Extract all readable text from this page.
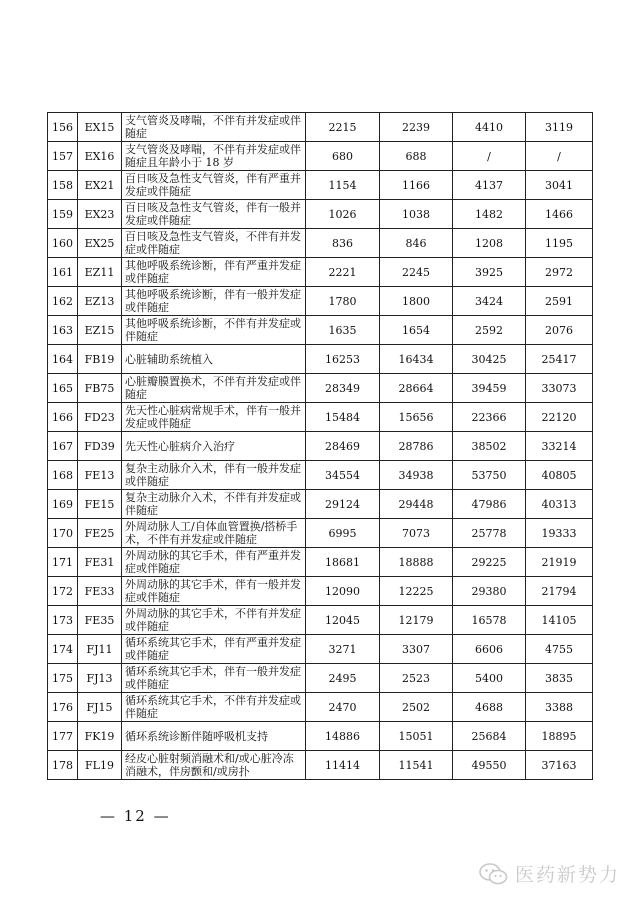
156	EX15	支气管炎及哮喘，不伴有并发症或伴随症	2215	2239	4410	3119
157	EX16	支气管炎及哮喘，不伴有并发症或伴随症且年龄小于 18 岁	680	688	/	/
158	EX21	百日咳及急性支气管炎，伴有严重并发症或伴随症	1154	1166	4137	3041
159	EX23	百日咳及急性支气管炎，伴有一般并发症或伴随症	1026	1038	1482	1466
160	EX25	百日咳及急性支气管炎，不伴有并发症或伴随症	836	846	1208	1195
161	EZ11	其他呼吸系统诊断，伴有严重并发症或伴随症	2221	2245	3925	2972
162	EZ13	其他呼吸系统诊断，伴有一般并发症或伴随症	1780	1800	3424	2591
163	EZ15	其他呼吸系统诊断，不伴有并发症或伴随症	1635	1654	2592	2076
164	FB19	心脏辅助系统植入	16253	16434	30425	25417
165	FB75	心脏瓣膜置换术，不伴有并发症或伴随症	28349	28664	39459	33073
166	FD23	先天性心脏病常规手术，伴有一般并发症或伴随症	15484	15656	22366	22120
167	FD39	先天性心脏病介入治疗	28469	28786	38502	33214
168	FE13	复杂主动脉介入术，伴有一般并发症或伴随症	34554	34938	53750	40805
169	FE15	复杂主动脉介入术，不伴有并发症或伴随症	29124	29448	47986	40313
170	FE25	外周动脉人工/自体血管置换/搭桥手术，不伴有并发症或伴随症	6995	7073	25778	19333
171	FE31	外周动脉的其它手术，伴有严重并发症或伴随症	18681	18888	29225	21919
172	FE33	外周动脉的其它手术，伴有一般并发症或伴随症	12090	12225	29380	21794
173	FE35	外周动脉的其它手术，不伴有并发症或伴随症	12045	12179	16578	14105
174	FJ11	循环系统其它手术，伴有严重并发症或伴随症	3271	3307	6606	4755
175	FJ13	循环系统其它手术，伴有一般并发症或伴随症	2495	2523	5400	3835
176	FJ15	循环系统其它手术，不伴有并发症或伴随症	2470	2502	4688	3388
177	FK19	循环系统诊断伴随呼吸机支持	14886	15051	25684	18895
178	FL19	经皮心脏射频消融术和/或心脏冷冻消融术，伴房颤和/或房扑	11414	11541	49550	37163
— 12 —
医药新势力
